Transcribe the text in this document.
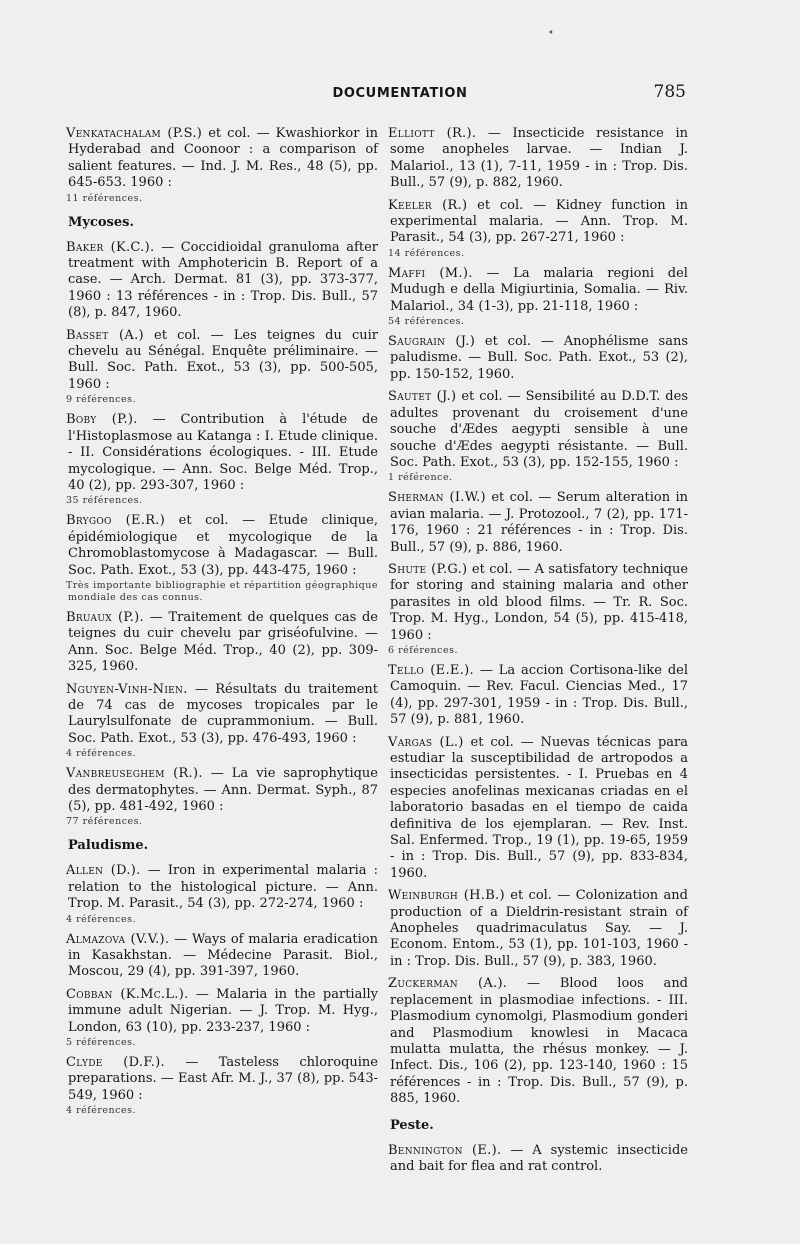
•
DOCUMENTATION	785

Venkatachalam (P.S.) et col. — Kwashiorkor in Hyderabad and Coonoor : a comparison of salient features. — Ind. J. M. Res., 48 (5), pp. 645-653. 1960 :
11 références.

Mycoses.

Baker (K.C.). — Coccidioidal granuloma after treatment with Amphotericin B. Report of a case. — Arch. Dermat. 81 (3), pp. 373-377, 1960 : 13 références - in : Trop. Dis. Bull., 57 (8), p. 847, 1960.

Basset (A.) et col. — Les teignes du cuir chevelu au Sénégal. Enquête préliminaire. — Bull. Soc. Path. Exot., 53 (3), pp. 500-505, 1960 :
9 références.

Boby (P.). — Contribution à l'étude de l'Histoplasmose au Katanga : I. Etude clinique. - II. Considérations écologiques. - III. Etude mycologique. — Ann. Soc. Belge Méd. Trop., 40 (2), pp. 293-307, 1960 :
35 références.

Brygoo (E.R.) et col. — Etude clinique, épidémiologique et mycologique de la Chromoblastomycose à Madagascar. — Bull. Soc. Path. Exot., 53 (3), pp. 443-475, 1960 :
Très importante bibliographie et répartition géographique mondiale des cas connus.

Bruaux (P.). — Traitement de quelques cas de teignes du cuir chevelu par griséofulvine. — Ann. Soc. Belge Méd. Trop., 40 (2), pp. 309-325, 1960.

Nguyen-Vinh-Nien. — Résultats du traitement de 74 cas de mycoses tropicales par le Laurylsulfonate de cuprammonium. — Bull. Soc. Path. Exot., 53 (3), pp. 476-493, 1960 :
4 références.

Vanbreuseghem (R.). — La vie saprophytique des dermatophytes. — Ann. Dermat. Syph., 87 (5), pp. 481-492, 1960 :
77 références.

Paludisme.

Allen (D.). — Iron in experimental malaria : relation to the histological picture. — Ann. Trop. M. Parasit., 54 (3), pp. 272-274, 1960 :
4 références.

Almazova (V.V.). — Ways of malaria eradication in Kasakhstan. — Médecine Parasit. Biol., Moscou, 29 (4), pp. 391-397, 1960.

Cobban (K.Mc.L.). — Malaria in the partially immune adult Nigerian. — J. Trop. M. Hyg., London, 63 (10), pp. 233-237, 1960 :
5 références.

Clyde (D.F.). — Tasteless chloroquine preparations. — East Afr. M. J., 37 (8), pp. 543-549, 1960 :
4 références.

Elliott (R.). — Insecticide resistance in some anopheles larvae. — Indian J. Malariol., 13 (1), 7-11, 1959 - in : Trop. Dis. Bull., 57 (9), p. 882, 1960.

Keeler (R.) et col. — Kidney function in experimental malaria. — Ann. Trop. M. Parasit., 54 (3), pp. 267-271, 1960 :
14 références.

Maffi (M.). — La malaria regioni del Mudugh e della Migiurtinia, Somalia. — Riv. Malariol., 34 (1-3), pp. 21-118, 1960 :
54 références.

Saugrain (J.) et col. — Anophélisme sans paludisme. — Bull. Soc. Path. Exot., 53 (2), pp. 150-152, 1960.

Sautet (J.) et col. — Sensibilité au D.D.T. des adultes provenant du croisement d'une souche d'Ædes aegypti sensible à une souche d'Ædes aegypti résistante. — Bull. Soc. Path. Exot., 53 (3), pp. 152-155, 1960 :
1 référence.

Sherman (I.W.) et col. — Serum alteration in avian malaria. — J. Protozool., 7 (2), pp. 171-176, 1960 : 21 références - in : Trop. Dis. Bull., 57 (9), p. 886, 1960.

Shute (P.G.) et col. — A satisfatory technique for storing and staining malaria and other parasites in old blood films. — Tr. R. Soc. Trop. M. Hyg., London, 54 (5), pp. 415-418, 1960 :
6 références.

Tello (E.E.). — La accion Cortisona-like del Camoquin. — Rev. Facul. Ciencias Med., 17 (4), pp. 297-301, 1959 - in : Trop. Dis. Bull., 57 (9), p. 881, 1960.

Vargas (L.) et col. — Nuevas técnicas para estudiar la susceptibilidad de artropodos a insecticidas persistentes. - I. Pruebas en 4 especies anofelinas mexicanas criadas en el laboratorio basadas en el tiempo de caida definitiva de los ejemplaran. — Rev. Inst. Sal. Enfermed. Trop., 19 (1), pp. 19-65, 1959 - in : Trop. Dis. Bull., 57 (9), pp. 833-834, 1960.

Weinburgh (H.B.) et col. — Colonization and production of a Dieldrin-resistant strain of Anopheles quadrimaculatus Say. — J. Econom. Entom., 53 (1), pp. 101-103, 1960 - in : Trop. Dis. Bull., 57 (9), p. 383, 1960.

Zuckerman (A.). — Blood loos and replacement in plasmodiae infections. - III. Plasmodium cynomolgi, Plasmodium gonderi and Plasmodium knowlesi in Macaca mulatta mulatta, the rhésus monkey. — J. Infect. Dis., 106 (2), pp. 123-140, 1960 : 15 références - in : Trop. Dis. Bull., 57 (9), p. 885, 1960.

Peste.

Bennington (E.). — A systemic insecticide and bait for flea and rat control.
